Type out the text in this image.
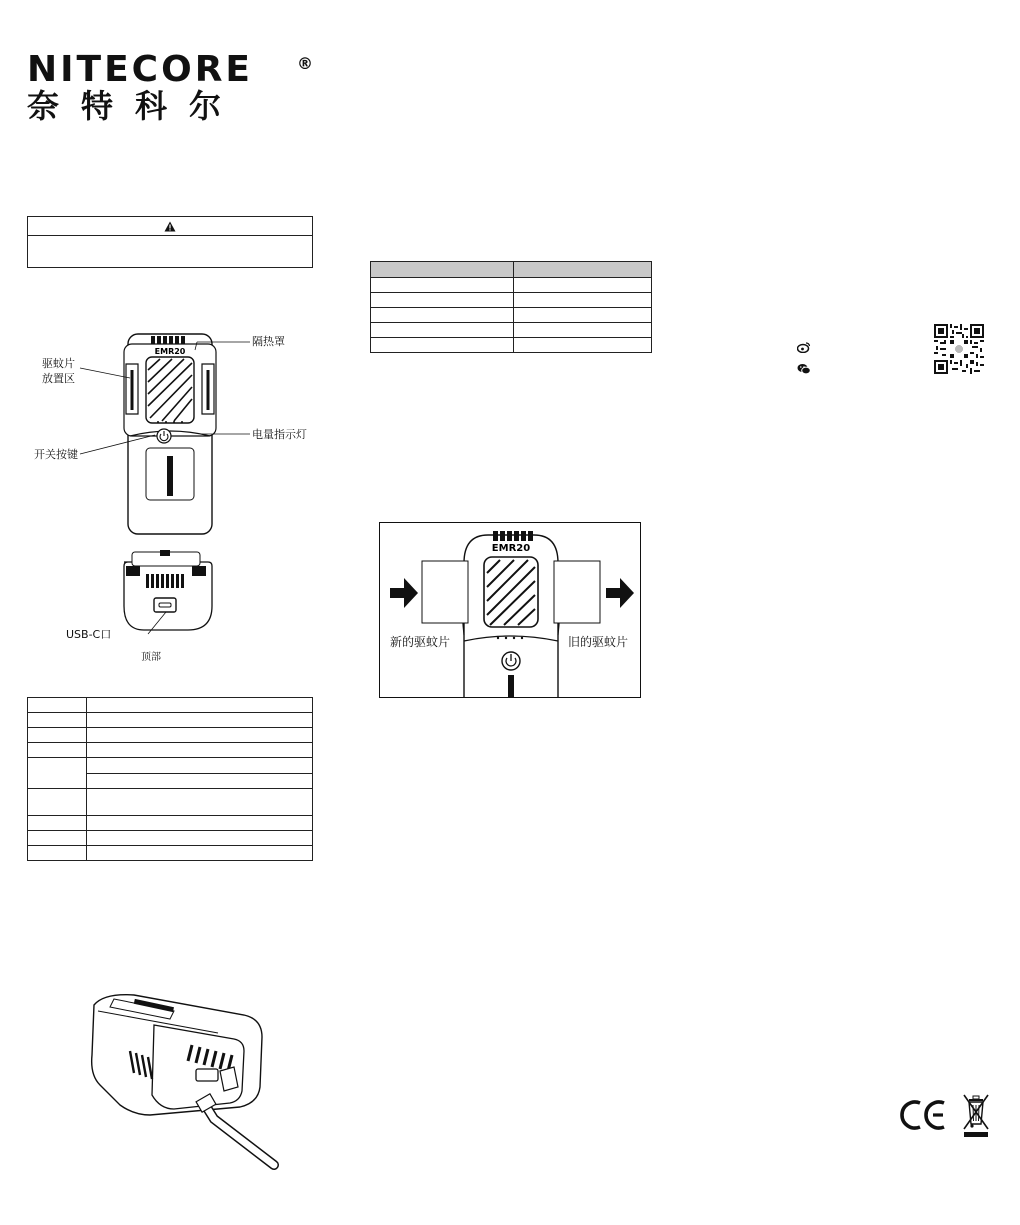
NITECORE	®
奈特科尔
EMR20
隔热罩
驱蚊片
放置区
电量指示灯
开关按键
USB-C口
顶部

EMR20
新的驱蚊片	旧的驱蚊片
